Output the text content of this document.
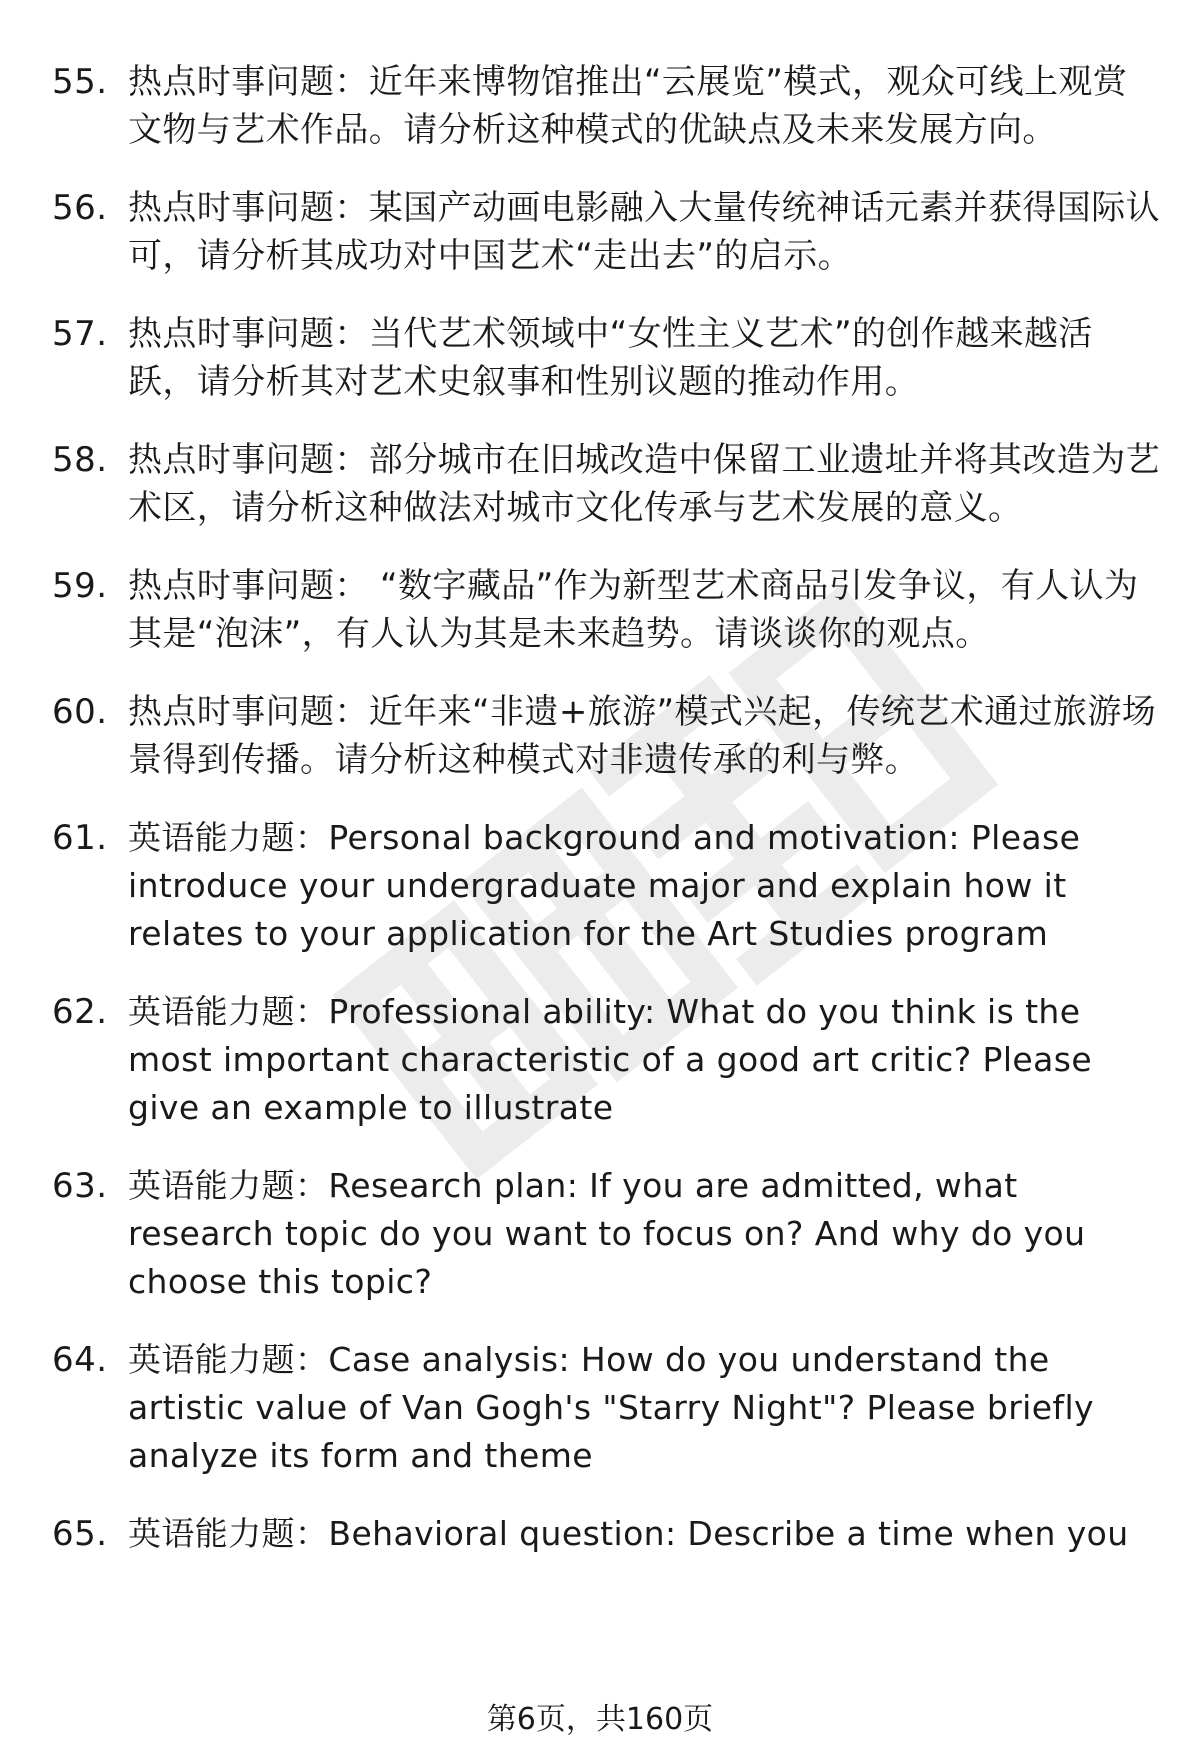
55. 热点时事问题：近年来博物馆推出“云展览”模式，观众可线上观赏文物与艺术作品。请分析这种模式的优缺点及未来发展方向。
56. 热点时事问题：某国产动画电影融入大量传统神话元素并获得国际认可，请分析其成功对中国艺术“走出去”的启示。
57. 热点时事问题：当代艺术领域中“女性主义艺术”的创作越来越活跃，请分析其对艺术史叙事和性别议题的推动作用。
58. 热点时事问题：部分城市在旧城改造中保留工业遗址并将其改造为艺术区，请分析这种做法对城市文化传承与艺术发展的意义。
59. 热点时事问题： “数字藏品”作为新型艺术商品引发争议，有人认为其是“泡沫”，有人认为其是未来趋势。请谈谈你的观点。
60. 热点时事问题：近年来“非遗+旅游”模式兴起，传统艺术通过旅游场景得到传播。请分析这种模式对非遗传承的利与弊。
61. 英语能力题：Personal background and motivation: Please introduce your undergraduate major and explain how it relates to your application for the Art Studies program
62. 英语能力题：Professional ability: What do you think is the most important characteristic of a good art critic? Please give an example to illustrate
63. 英语能力题：Research plan: If you are admitted, what research topic do you want to focus on? And why do you choose this topic?
64. 英语能力题：Case analysis: How do you understand the artistic value of Van Gogh's "Starry Night"? Please briefly analyze its form and theme
65. 英语能力题：Behavioral question: Describe a time when you
第6页，共160页
